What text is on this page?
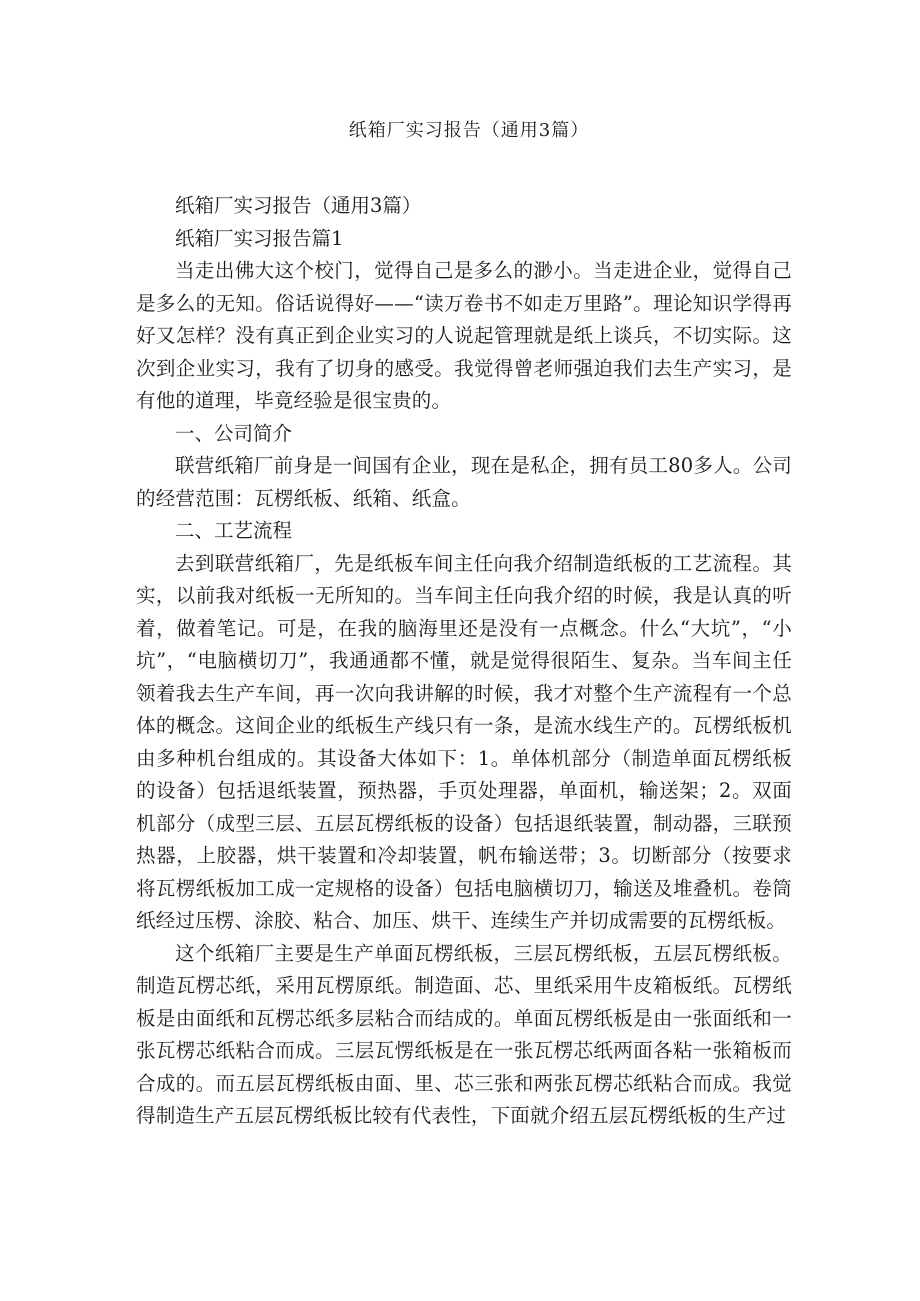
纸箱厂实习报告（通用3篇）

纸箱厂实习报告（通用3篇）

纸箱厂实习报告篇1

当走出佛大这个校门，觉得自己是多么的渺小。当走进企业，觉得自己是多么的无知。俗话说得好——“读万卷书不如走万里路”。理论知识学得再好又怎样？没有真正到企业实习的人说起管理就是纸上谈兵，不切实际。这次到企业实习，我有了切身的感受。我觉得曾老师强迫我们去生产实习，是有他的道理，毕竟经验是很宝贵的。

一、公司简介

联营纸箱厂前身是一间国有企业，现在是私企，拥有员工80多人。公司的经营范围：瓦楞纸板、纸箱、纸盒。

二、工艺流程

去到联营纸箱厂，先是纸板车间主任向我介绍制造纸板的工艺流程。其实，以前我对纸板一无所知的。当车间主任向我介绍的时候，我是认真的听着，做着笔记。可是，在我的脑海里还是没有一点概念。什么“大坑”，“小坑”，“电脑横切刀”，我通通都不懂，就是觉得很陌生、复杂。当车间主任领着我去生产车间，再一次向我讲解的时候，我才对整个生产流程有一个总体的概念。这间企业的纸板生产线只有一条，是流水线生产的。瓦楞纸板机由多种机台组成的。其设备大体如下：1。单体机部分（制造单面瓦楞纸板的设备）包括退纸装置，预热器，手页处理器，单面机，输送架；2。双面机部分（成型三层、五层瓦楞纸板的设备）包括退纸装置，制动器，三联预热器，上胶器，烘干装置和冷却装置，帆布输送带；3。切断部分（按要求将瓦楞纸板加工成一定规格的设备）包括电脑横切刀，输送及堆叠机。卷筒纸经过压楞、涂胶、粘合、加压、烘干、连续生产并切成需要的瓦楞纸板。

这个纸箱厂主要是生产单面瓦楞纸板，三层瓦楞纸板，五层瓦楞纸板。制造瓦楞芯纸，采用瓦楞原纸。制造面、芯、里纸采用牛皮箱板纸。瓦楞纸板是由面纸和瓦楞芯纸多层粘合而结成的。单面瓦楞纸板是由一张面纸和一张瓦楞芯纸粘合而成。三层瓦愣纸板是在一张瓦楞芯纸两面各粘一张箱板而合成的。而五层瓦楞纸板由面、里、芯三张和两张瓦楞芯纸粘合而成。我觉得制造生产五层瓦楞纸板比较有代表性，下面就介绍五层瓦楞纸板的生产过
